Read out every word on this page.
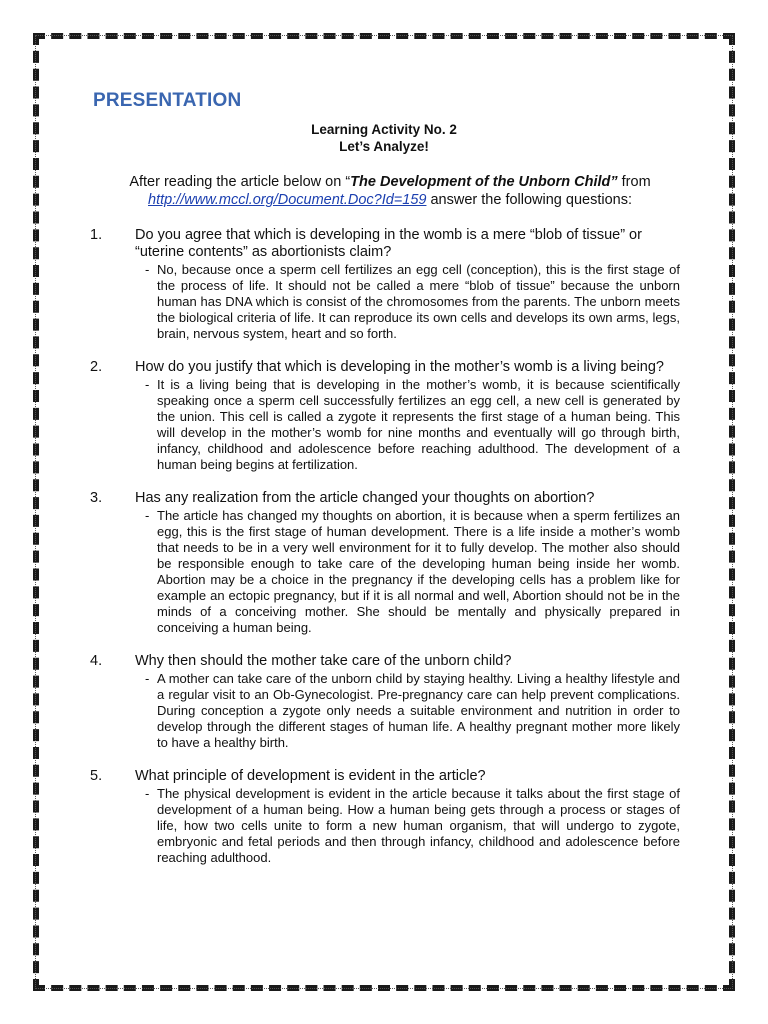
PRESENTATION
Learning Activity No. 2
Let’s Analyze!
After reading the article below on “The Development of the Unborn Child” from
http://www.mccl.org/Document.Doc?Id=159 answer the following questions:
1. Do you agree that which is developing in the womb is a mere “blob of tissue” or “uterine contents” as abortionists claim?
- No, because once a sperm cell fertilizes an egg cell (conception), this is the first stage of the process of life. It should not be called a mere “blob of tissue” because the unborn human has DNA which is consist of the chromosomes from the parents. The unborn meets the biological criteria of life. It can reproduce its own cells and develops its own arms, legs, brain, nervous system, heart and so forth.
2. How do you justify that which is developing in the mother’s womb is a living being?
- It is a living being that is developing in the mother’s womb, it is because scientifically speaking once a sperm cell successfully fertilizes an egg cell, a new cell is generated by the union. This cell is called a zygote it represents the first stage of a human being. This will develop in the mother’s womb for nine months and eventually will go through birth, infancy, childhood and adolescence before reaching adulthood. The development of a human being begins at fertilization.
3. Has any realization from the article changed your thoughts on abortion?
- The article has changed my thoughts on abortion, it is because when a sperm fertilizes an egg, this is the first stage of human development. There is a life inside a mother’s womb that needs to be in a very well environment for it to fully develop. The mother also should be responsible enough to take care of the developing human being inside her womb. Abortion may be a choice in the pregnancy if the developing cells has a problem like for example an ectopic pregnancy, but if it is all normal and well, Abortion should not be in the minds of a conceiving mother. She should be mentally and physically prepared in conceiving a human being.
4. Why then should the mother take care of the unborn child?
- A mother can take care of the unborn child by staying healthy. Living a healthy lifestyle and a regular visit to an Ob-Gynecologist. Pre-pregnancy care can help prevent complications. During conception a zygote only needs a suitable environment and nutrition in order to develop through the different stages of human life. A healthy pregnant mother more likely to have a healthy birth.
5. What principle of development is evident in the article?
- The physical development is evident in the article because it talks about the first stage of development of a human being. How a human being gets through a process or stages of life, how two cells unite to form a new human organism, that will undergo to zygote, embryonic and fetal periods and then through infancy, childhood and adolescence before reaching adulthood.
